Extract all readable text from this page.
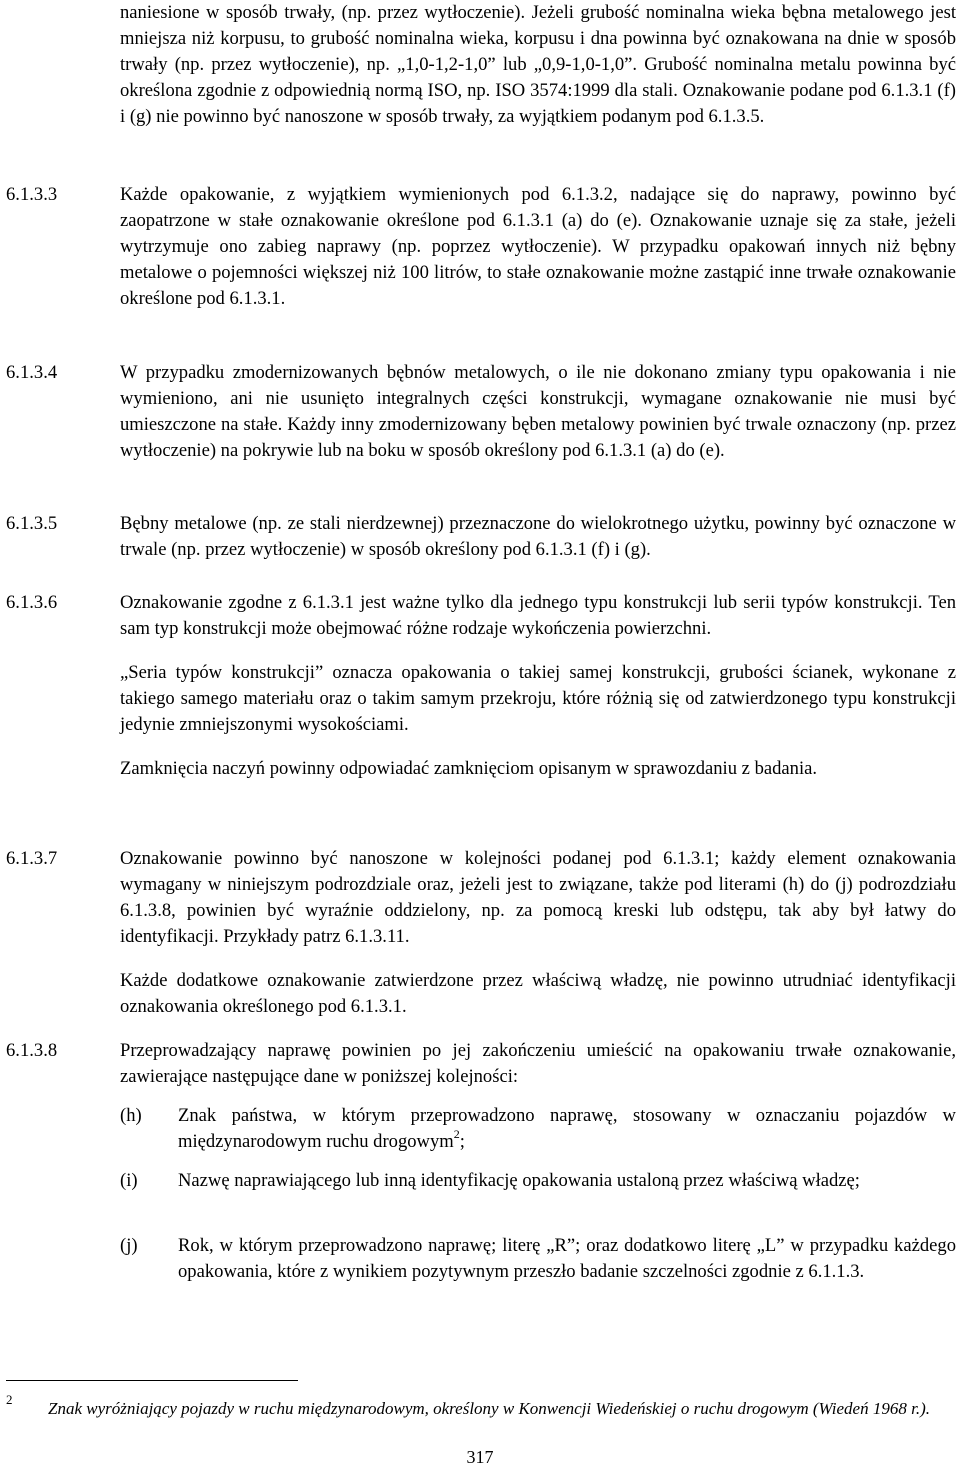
naniesione w sposób trwały, (np. przez wytłoczenie). Jeżeli grubość nominalna wieka bębna metalowego jest mniejsza niż korpusu, to grubość nominalna wieka, korpusu i dna powinna być oznakowana na dnie w sposób trwały (np. przez wytłoczenie), np. „1,0-1,2-1,0” lub „0,9-1,0-1,0”. Grubość nominalna metalu powinna być określona zgodnie z odpowiednią normą ISO, np. ISO 3574:1999 dla stali. Oznakowanie podane pod 6.1.3.1 (f) i (g) nie powinno być nanoszone w sposób trwały, za wyjątkiem podanym pod 6.1.3.5.
6.1.3.3	Każde opakowanie, z wyjątkiem wymienionych pod 6.1.3.2, nadające się do naprawy, powinno być zaopatrzone w stałe oznakowanie określone pod 6.1.3.1 (a) do (e). Oznakowanie uznaje się za stałe, jeżeli wytrzymuje ono zabieg naprawy (np. poprzez wytłoczenie). W przypadku opakowań innych niż bębny metalowe o pojemności większej niż 100 litrów, to stałe oznakowanie możne zastąpić inne trwałe oznakowanie określone pod 6.1.3.1.

6.1.3.4	W przypadku zmodernizowanych bębnów metalowych, o ile nie dokonano zmiany typu opakowania i nie wymieniono, ani nie usunięto integralnych części konstrukcji, wymagane oznakowanie nie musi być umieszczone na stałe. Każdy inny zmodernizowany bęben metalowy powinien być trwale oznaczony (np. przez wytłoczenie) na pokrywie lub na boku w sposób określony pod 6.1.3.1 (a) do (e).

6.1.3.5	Bębny metalowe (np. ze stali nierdzewnej) przeznaczone do wielokrotnego użytku, powinny być oznaczone w trwale (np. przez wytłoczenie) w sposób określony pod 6.1.3.1 (f) i (g).

6.1.3.6	Oznakowanie zgodne z 6.1.3.1 jest ważne tylko dla jednego typu konstrukcji lub serii typów konstrukcji. Ten sam typ konstrukcji może obejmować różne rodzaje wykończenia powierzchni.

„Seria typów konstrukcji” oznacza opakowania o takiej samej konstrukcji, grubości ścianek, wykonane z takiego samego materiału oraz o takim samym przekroju, które różnią się od zatwierdzonego typu konstrukcji jedynie zmniejszonymi wysokościami.

Zamknięcia naczyń powinny odpowiadać zamknięciom opisanym w sprawozdaniu z badania.

6.1.3.7	Oznakowanie powinno być nanoszone w kolejności podanej pod 6.1.3.1; każdy element oznakowania wymagany w niniejszym podrozdziale oraz, jeżeli jest to związane, także pod literami (h) do (j) podrozdziału 6.1.3.8, powinien być wyraźnie oddzielony, np. za pomocą kreski lub odstępu, tak aby był łatwy do identyfikacji. Przykłady patrz 6.1.3.11.

Każde dodatkowe oznakowanie zatwierdzone przez właściwą władzę, nie powinno utrudniać identyfikacji oznakowania określonego pod 6.1.3.1.

6.1.3.8	Przeprowadzający naprawę powinien po jej zakończeniu umieścić na opakowaniu trwałe oznakowanie, zawierające następujące dane w poniższej kolejności:

(h)	Znak państwa, w którym przeprowadzono naprawę, stosowany w oznaczaniu pojazdów w międzynarodowym ruchu drogowym$^2$;
(i)	Nazwę naprawiającego lub inną identyfikację opakowania ustaloną przez właściwą władzę;
(j)	Rok, w którym przeprowadzono naprawę; literę „R”; oraz dodatkowo literę „L” w przypadku każdego opakowania, które z wynikiem pozytywnym przeszło badanie szczelności zgodnie z 6.1.1.3.
2 Znak wyróżniający pojazdy w ruchu międzynarodowym, określony w Konwencji Wiedeńskiej o ruchu drogowym (Wiedeń 1968 r.).
317
